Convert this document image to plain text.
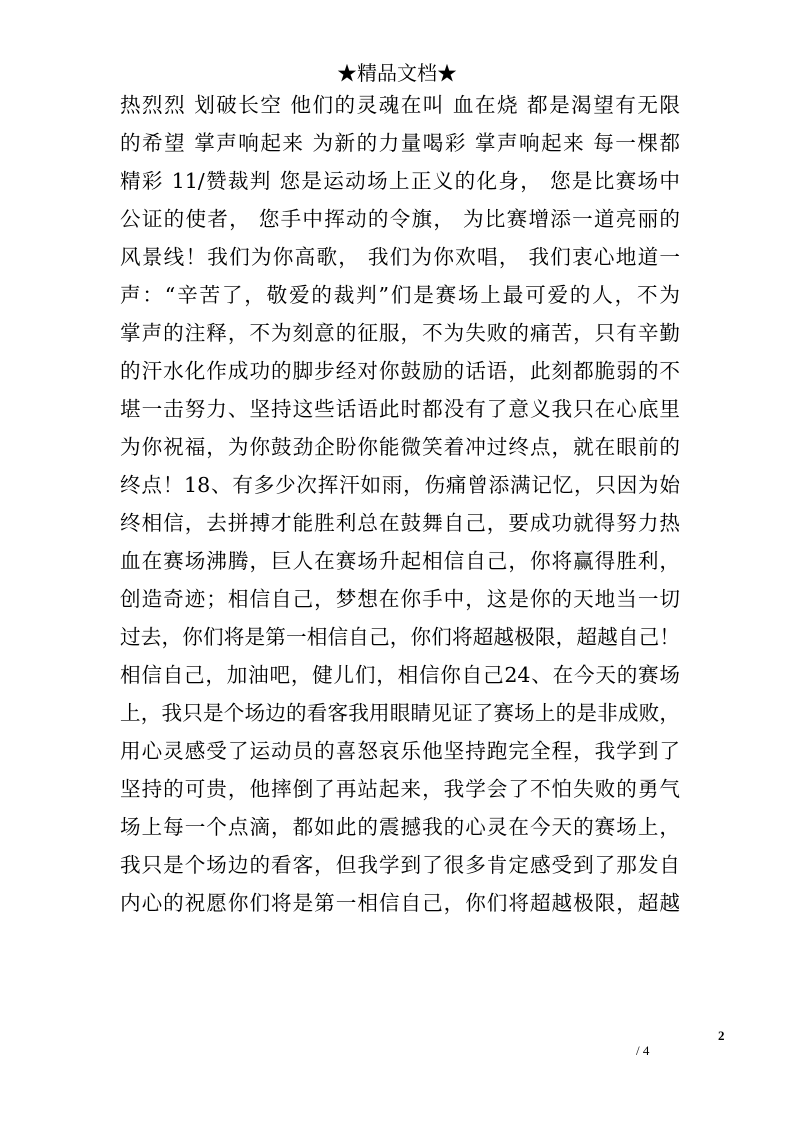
★精品文档★
热烈烈 划破长空 他们的灵魂在叫 血在烧 都是渴望有无限
的希望 掌声响起来 为新的力量喝彩 掌声响起来 每一棵都
精彩 11/赞裁判 您是运动场上正义的化身， 您是比赛场中
公证的使者， 您手中挥动的令旗， 为比赛增添一道亮丽的
风景线！我们为你高歌， 我们为你欢唱， 我们衷心地道一
声：“辛苦了，敬爱的裁判”们是赛场上最可爱的人，不为
掌声的注释，不为刻意的征服，不为失败的痛苦，只有辛勤
的汗水化作成功的脚步经对你鼓励的话语，此刻都脆弱的不
堪一击努力、坚持这些话语此时都没有了意义我只在心底里
为你祝福，为你鼓劲企盼你能微笑着冲过终点，就在眼前的
终点！18、有多少次挥汗如雨，伤痛曾添满记忆，只因为始
终相信，去拼搏才能胜利总在鼓舞自己，要成功就得努力热
血在赛场沸腾，巨人在赛场升起相信自己，你将赢得胜利，
创造奇迹；相信自己，梦想在你手中，这是你的天地当一切
过去，你们将是第一相信自己，你们将超越极限，超越自己！
相信自己，加油吧，健儿们，相信你自己24、在今天的赛场
上，我只是个场边的看客我用眼睛见证了赛场上的是非成败，
用心灵感受了运动员的喜怒哀乐他坚持跑完全程，我学到了
坚持的可贵，他摔倒了再站起来，我学会了不怕失败的勇气
场上每一个点滴，都如此的震撼我的心灵在今天的赛场上，
我只是个场边的看客，但我学到了很多肯定感受到了那发自
内心的祝愿你们将是第一相信自己，你们将超越极限，超越
2
/ 4
